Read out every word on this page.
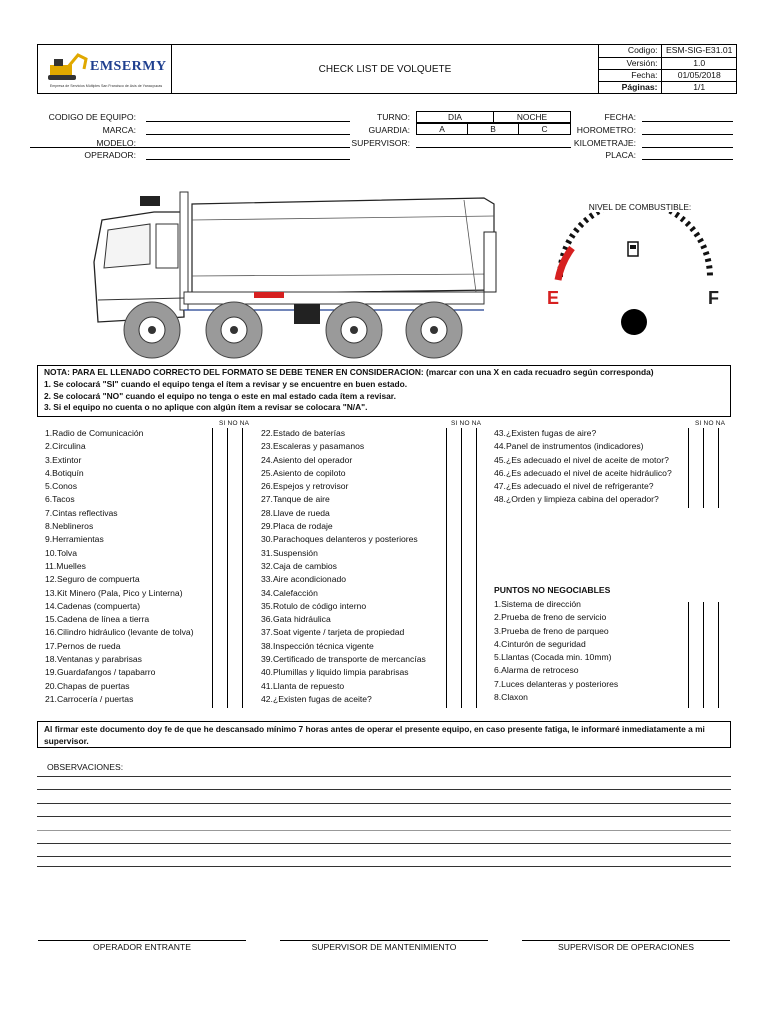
EMSERMY
Empresa de Servicios Múltiples San Francisco de Asís de Yanacpucas
CHECK LIST DE VOLQUETE
Codigo:	ESM-SIG-E31.01
Versión:	1.0
Fecha:	01/05/2018
Páginas:	1/1
CODIGO DE EQUIPO:
MARCA:
MODELO:
OPERADOR:
TURNO:	DIA	NOCHE
GUARDIA:	A	B	C
SUPERVISOR:
FECHA:
HOROMETRO:
KILOMETRAJE:
PLACA:
NIVEL DE COMBUSTIBLE:
E	F
NOTA: PARA EL LLENADO CORRECTO DEL FORMATO SE DEBE TENER EN CONSIDERACION: (marcar con una X en cada recuadro según corresponda)
1. Se colocará "SI" cuando el equipo tenga el ítem a revisar y se encuentre en buen estado.
2. Se colocará "NO" cuando el equipo no tenga o este en mal estado cada ítem a revisar.
3. Si el equipo no cuenta o no aplique con algún ítem a revisar se colocara "N/A".
SI NO NA	SI NO NA	SI NO NA
1.Radio de Comunicación
2.Circulina
3.Extintor
4.Botiquín
5.Conos
6.Tacos
7.Cintas reflectivas
8.Neblineros
9.Herramientas
10.Tolva
11.Muelles
12.Seguro de compuerta
13.Kit Minero (Pala, Pico y Linterna)
14.Cadenas (compuerta)
15.Cadena de línea a tierra
16.Cilindro hidráulico (levante de tolva)
17.Pernos de rueda
18.Ventanas y parabrisas
19.Guardafangos / tapabarro
20.Chapas de puertas
21.Carrocería / puertas
22.Estado de baterías
23.Escaleras y pasamanos
24.Asiento del operador
25.Asiento de copiloto
26.Espejos y retrovisor
27.Tanque de aire
28.Llave de rueda
29.Placa de rodaje
30.Parachoques delanteros y posteriores
31.Suspensión
32.Caja de cambios
33.Aire acondicionado
34.Calefacción
35.Rotulo de código interno
36.Gata hidráulica
37.Soat vigente / tarjeta de propiedad
38.Inspección técnica vigente
39.Certificado de transporte de mercancías
40.Plumillas y liquido limpia parabrisas
41.Llanta de repuesto
42.¿Existen fugas de aceite?
43.¿Existen fugas de aire?
44.Panel de instrumentos (indicadores)
45.¿Es adecuado el nivel de aceite de motor?
46.¿Es adecuado el nivel de aceite hidráulico?
47.¿Es adecuado el nivel de refrigerante?
48.¿Orden y limpieza cabina del operador?
PUNTOS NO NEGOCIABLES
1.Sistema de dirección
2.Prueba de freno de servicio
3.Prueba de freno de parqueo
4.Cinturón de seguridad
5.Llantas (Cocada min. 10mm)
6.Alarma de retroceso
7.Luces delanteras y posteriores
8.Claxon
Al firmar este documento doy fe de que he descansado mínimo 7 horas antes de operar el presente equipo, en caso presente fatiga, le informaré inmediatamente a mi supervisor.
OBSERVACIONES:
OPERADOR ENTRANTE	SUPERVISOR DE MANTENIMIENTO	SUPERVISOR DE OPERACIONES
